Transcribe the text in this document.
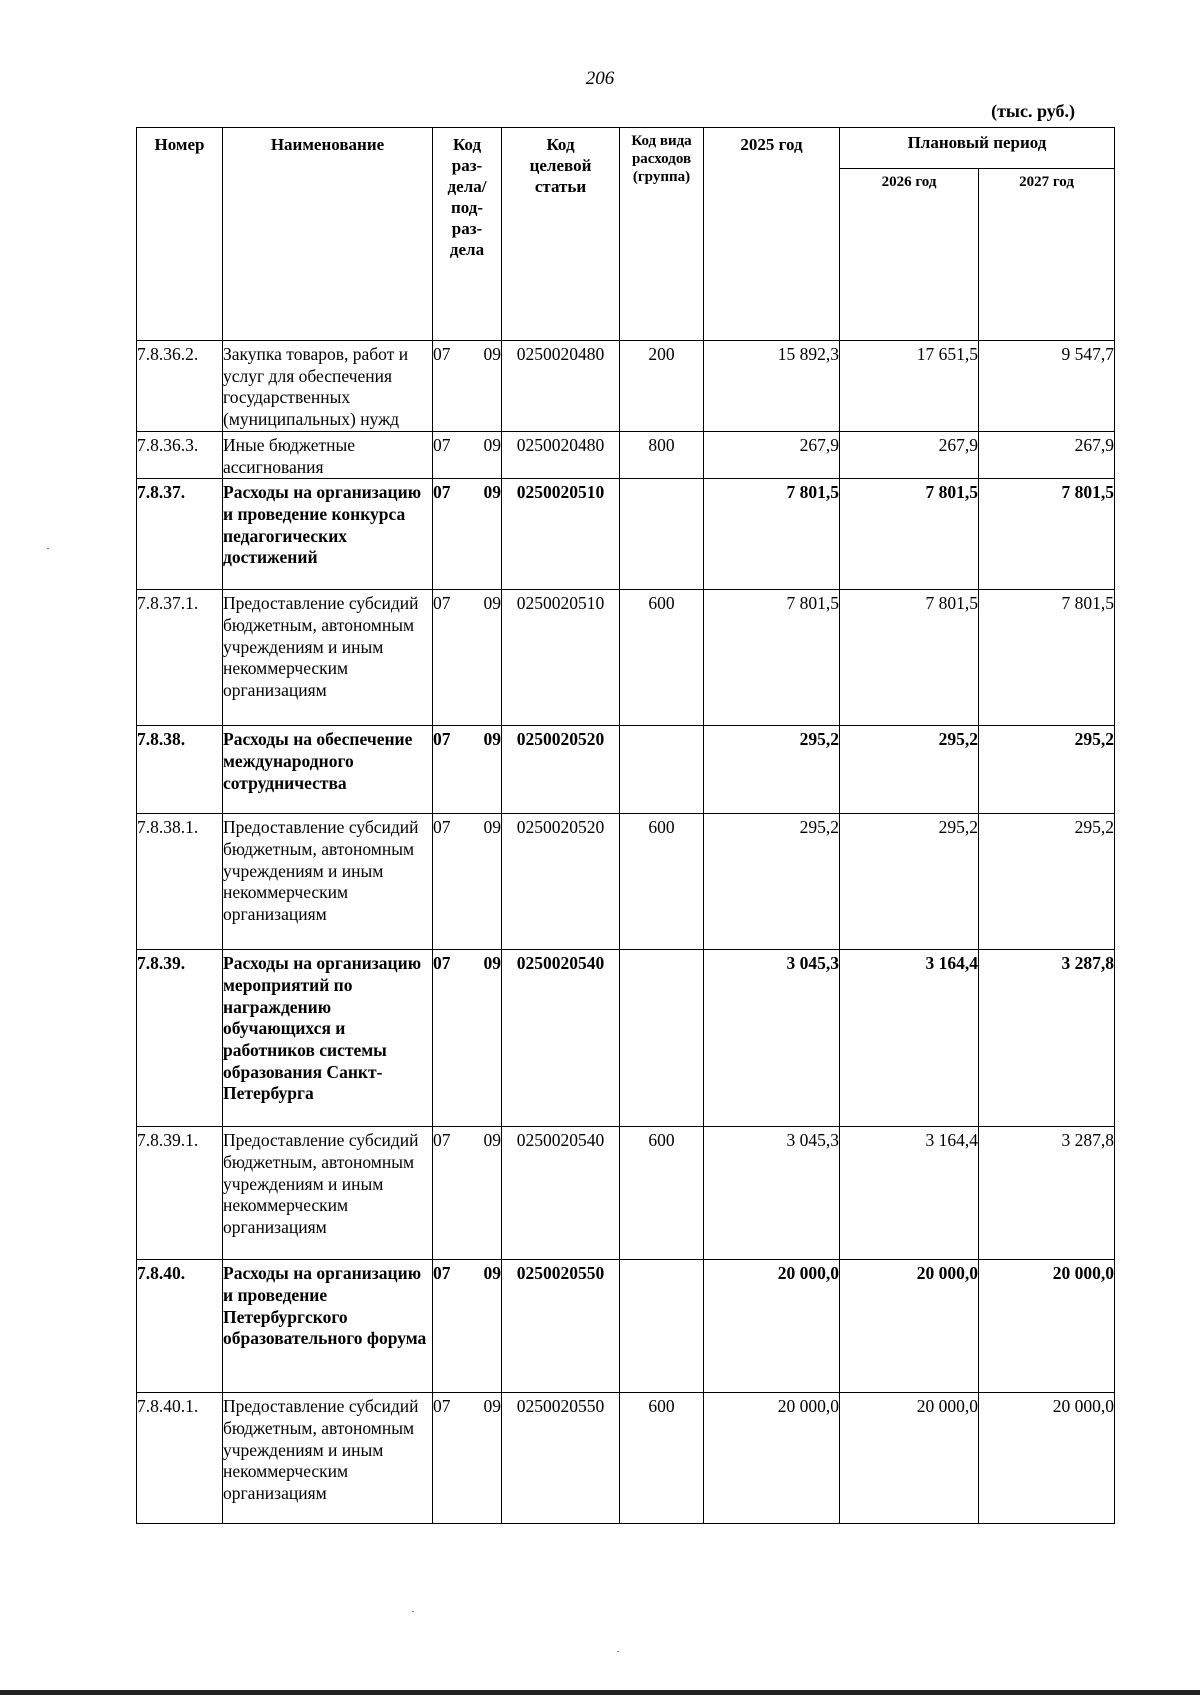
206
(тыс. руб.)
Номер	Наименование	Код раз-дела/ под-раз-дела	Код целевой статьи	Код вида расходов (группа)	2025 год	Плановый период	
						2026 год	2027 год
7.8.36.2.	Закупка товаров, работ и услуг для обеспечения государственных (муниципальных) нужд	07 09	0250020480	200	15 892,3	17 651,5	9 547,7
7.8.36.3.	Иные бюджетные ассигнования	07 09	0250020480	800	267,9	267,9	267,9
7.8.37.	Расходы на организацию и проведение конкурса педагогических достижений	07 09	0250020510		7 801,5	7 801,5	7 801,5
7.8.37.1.	Предоставление субсидий бюджетным, автономным учреждениям и иным некоммерческим организациям	07 09	0250020510	600	7 801,5	7 801,5	7 801,5
7.8.38.	Расходы на обеспечение международного сотрудничества	07 09	0250020520		295,2	295,2	295,2
7.8.38.1.	Предоставление субсидий бюджетным, автономным учреждениям и иным некоммерческим организациям	07 09	0250020520	600	295,2	295,2	295,2
7.8.39.	Расходы на организацию мероприятий по награждению обучающихся и работников системы образования Санкт-Петербурга	07 09	0250020540		3 045,3	3 164,4	3 287,8
7.8.39.1.	Предоставление субсидий бюджетным, автономным учреждениям и иным некоммерческим организациям	07 09	0250020540	600	3 045,3	3 164,4	3 287,8
7.8.40.	Расходы на организацию и проведение Петербургского образовательного форума	07 09	0250020550		20 000,0	20 000,0	20 000,0
7.8.40.1.	Предоставление субсидий бюджетным, автономным учреждениям и иным некоммерческим организациям	07 09	0250020550	600	20 000,0	20 000,0	20 000,0
